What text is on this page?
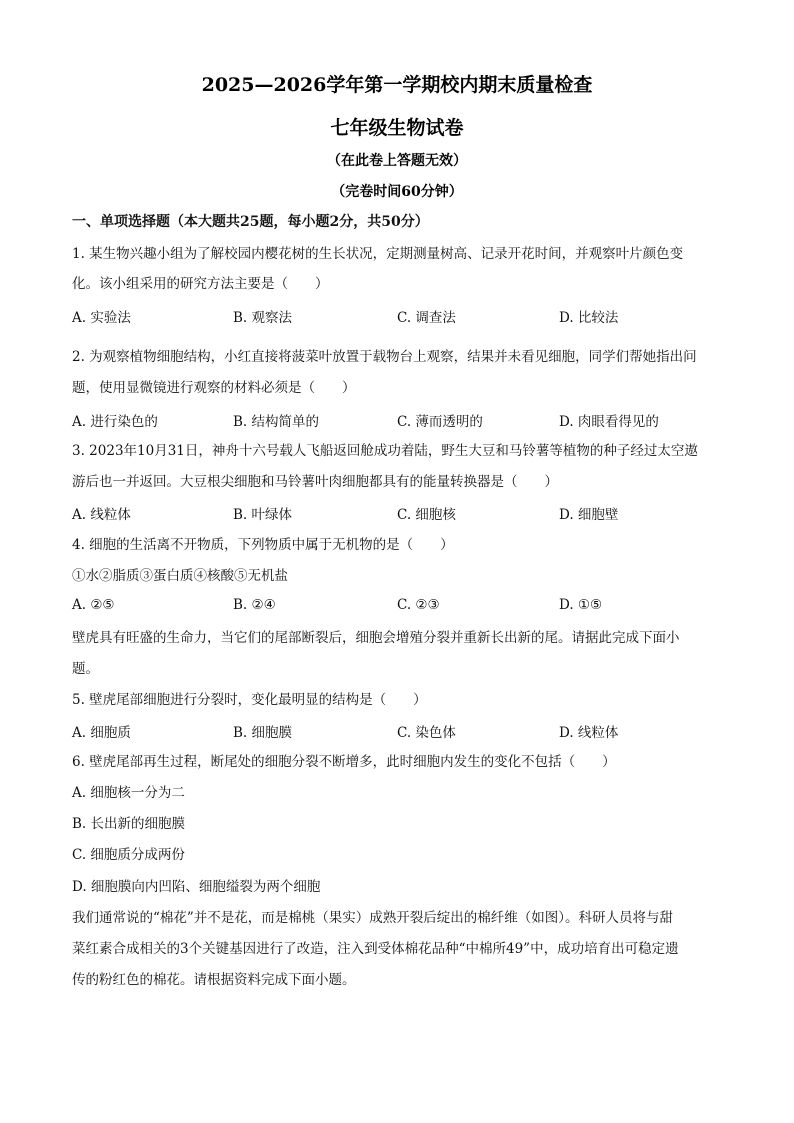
2025—2026学年第一学期校内期末质量检查
七年级生物试卷
（在此卷上答题无效）
（完卷时间60分钟）
一、单项选择题（本大题共25题，每小题2分，共50分）
1. 某生物兴趣小组为了解校园内樱花树的生长状况，定期测量树高、记录开花时间，并观察叶片颜色变
化。该小组采用的研究方法主要是（　　）
A. 实验法	B. 观察法	C. 调查法	D. 比较法
2. 为观察植物细胞结构，小红直接将菠菜叶放置于载物台上观察，结果并未看见细胞，同学们帮她指出问
题，使用显微镜进行观察的材料必须是（　　）
A. 进行染色的	B. 结构简单的	C. 薄而透明的	D. 肉眼看得见的
3. 2023年10月31日，神舟十六号载人飞船返回舱成功着陆，野生大豆和马铃薯等植物的种子经过太空遨
游后也一并返回。大豆根尖细胞和马铃薯叶肉细胞都具有的能量转换器是（　　）
A. 线粒体	B. 叶绿体	C. 细胞核	D. 细胞壁
4. 细胞的生活离不开物质，下列物质中属于无机物的是（　　）
①水②脂质③蛋白质④核酸⑤无机盐
A. ②⑤	B. ②④	C. ②③	D. ①⑤
壁虎具有旺盛的生命力，当它们的尾部断裂后，细胞会增殖分裂并重新长出新的尾。请据此完成下面小
题。
5. 壁虎尾部细胞进行分裂时，变化最明显的结构是（　　）
A. 细胞质	B. 细胞膜	C. 染色体	D. 线粒体
6. 壁虎尾部再生过程，断尾处的细胞分裂不断增多，此时细胞内发生的变化不包括（　　）
A. 细胞核一分为二
B. 长出新的细胞膜
C. 细胞质分成两份
D. 细胞膜向内凹陷、细胞缢裂为两个细胞
我们通常说的“棉花”并不是花，而是棉桃（果实）成熟开裂后绽出的棉纤维（如图）。科研人员将与甜
菜红素合成相关的3个关键基因进行了改造，注入到受体棉花品种“中棉所49”中，成功培育出可稳定遗
传的粉红色的棉花。请根据资料完成下面小题。
